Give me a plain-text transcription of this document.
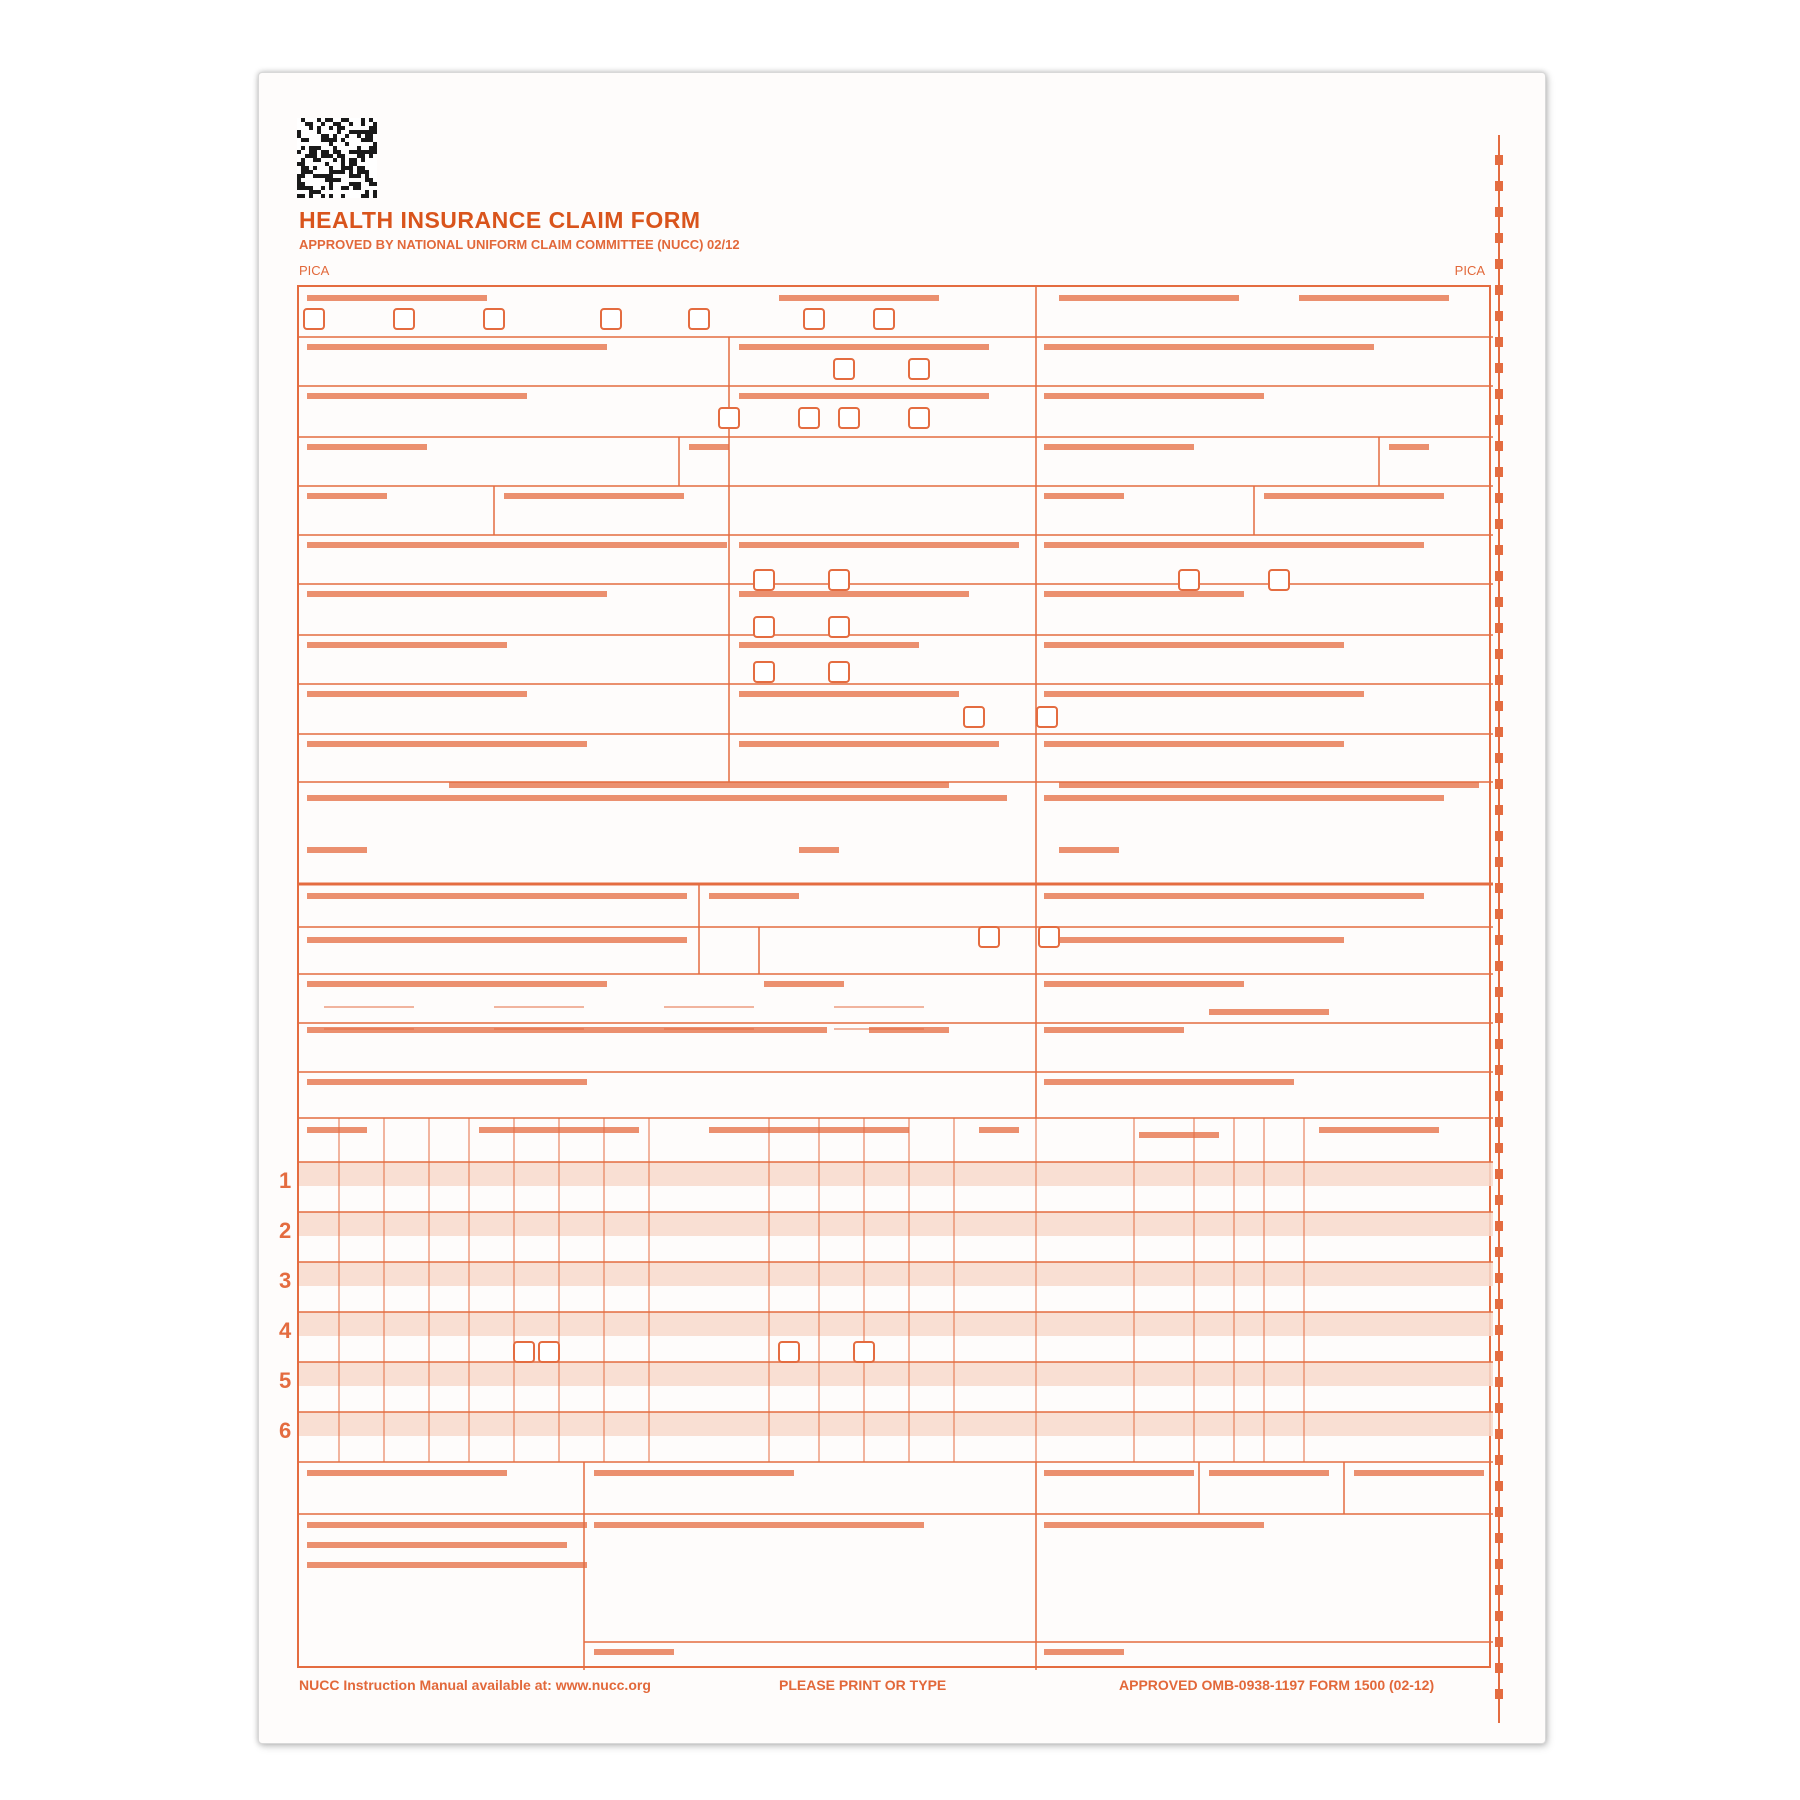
HEALTH INSURANCE CLAIM FORM
APPROVED BY NATIONAL UNIFORM CLAIM COMMITTEE (NUCC) 02/12
PICA	PICA
NUCC Instruction Manual available at: www.nucc.org	PLEASE PRINT OR TYPE	APPROVED OMB-0938-1197 FORM 1500 (02-12)
1
2
3
4
5
6
